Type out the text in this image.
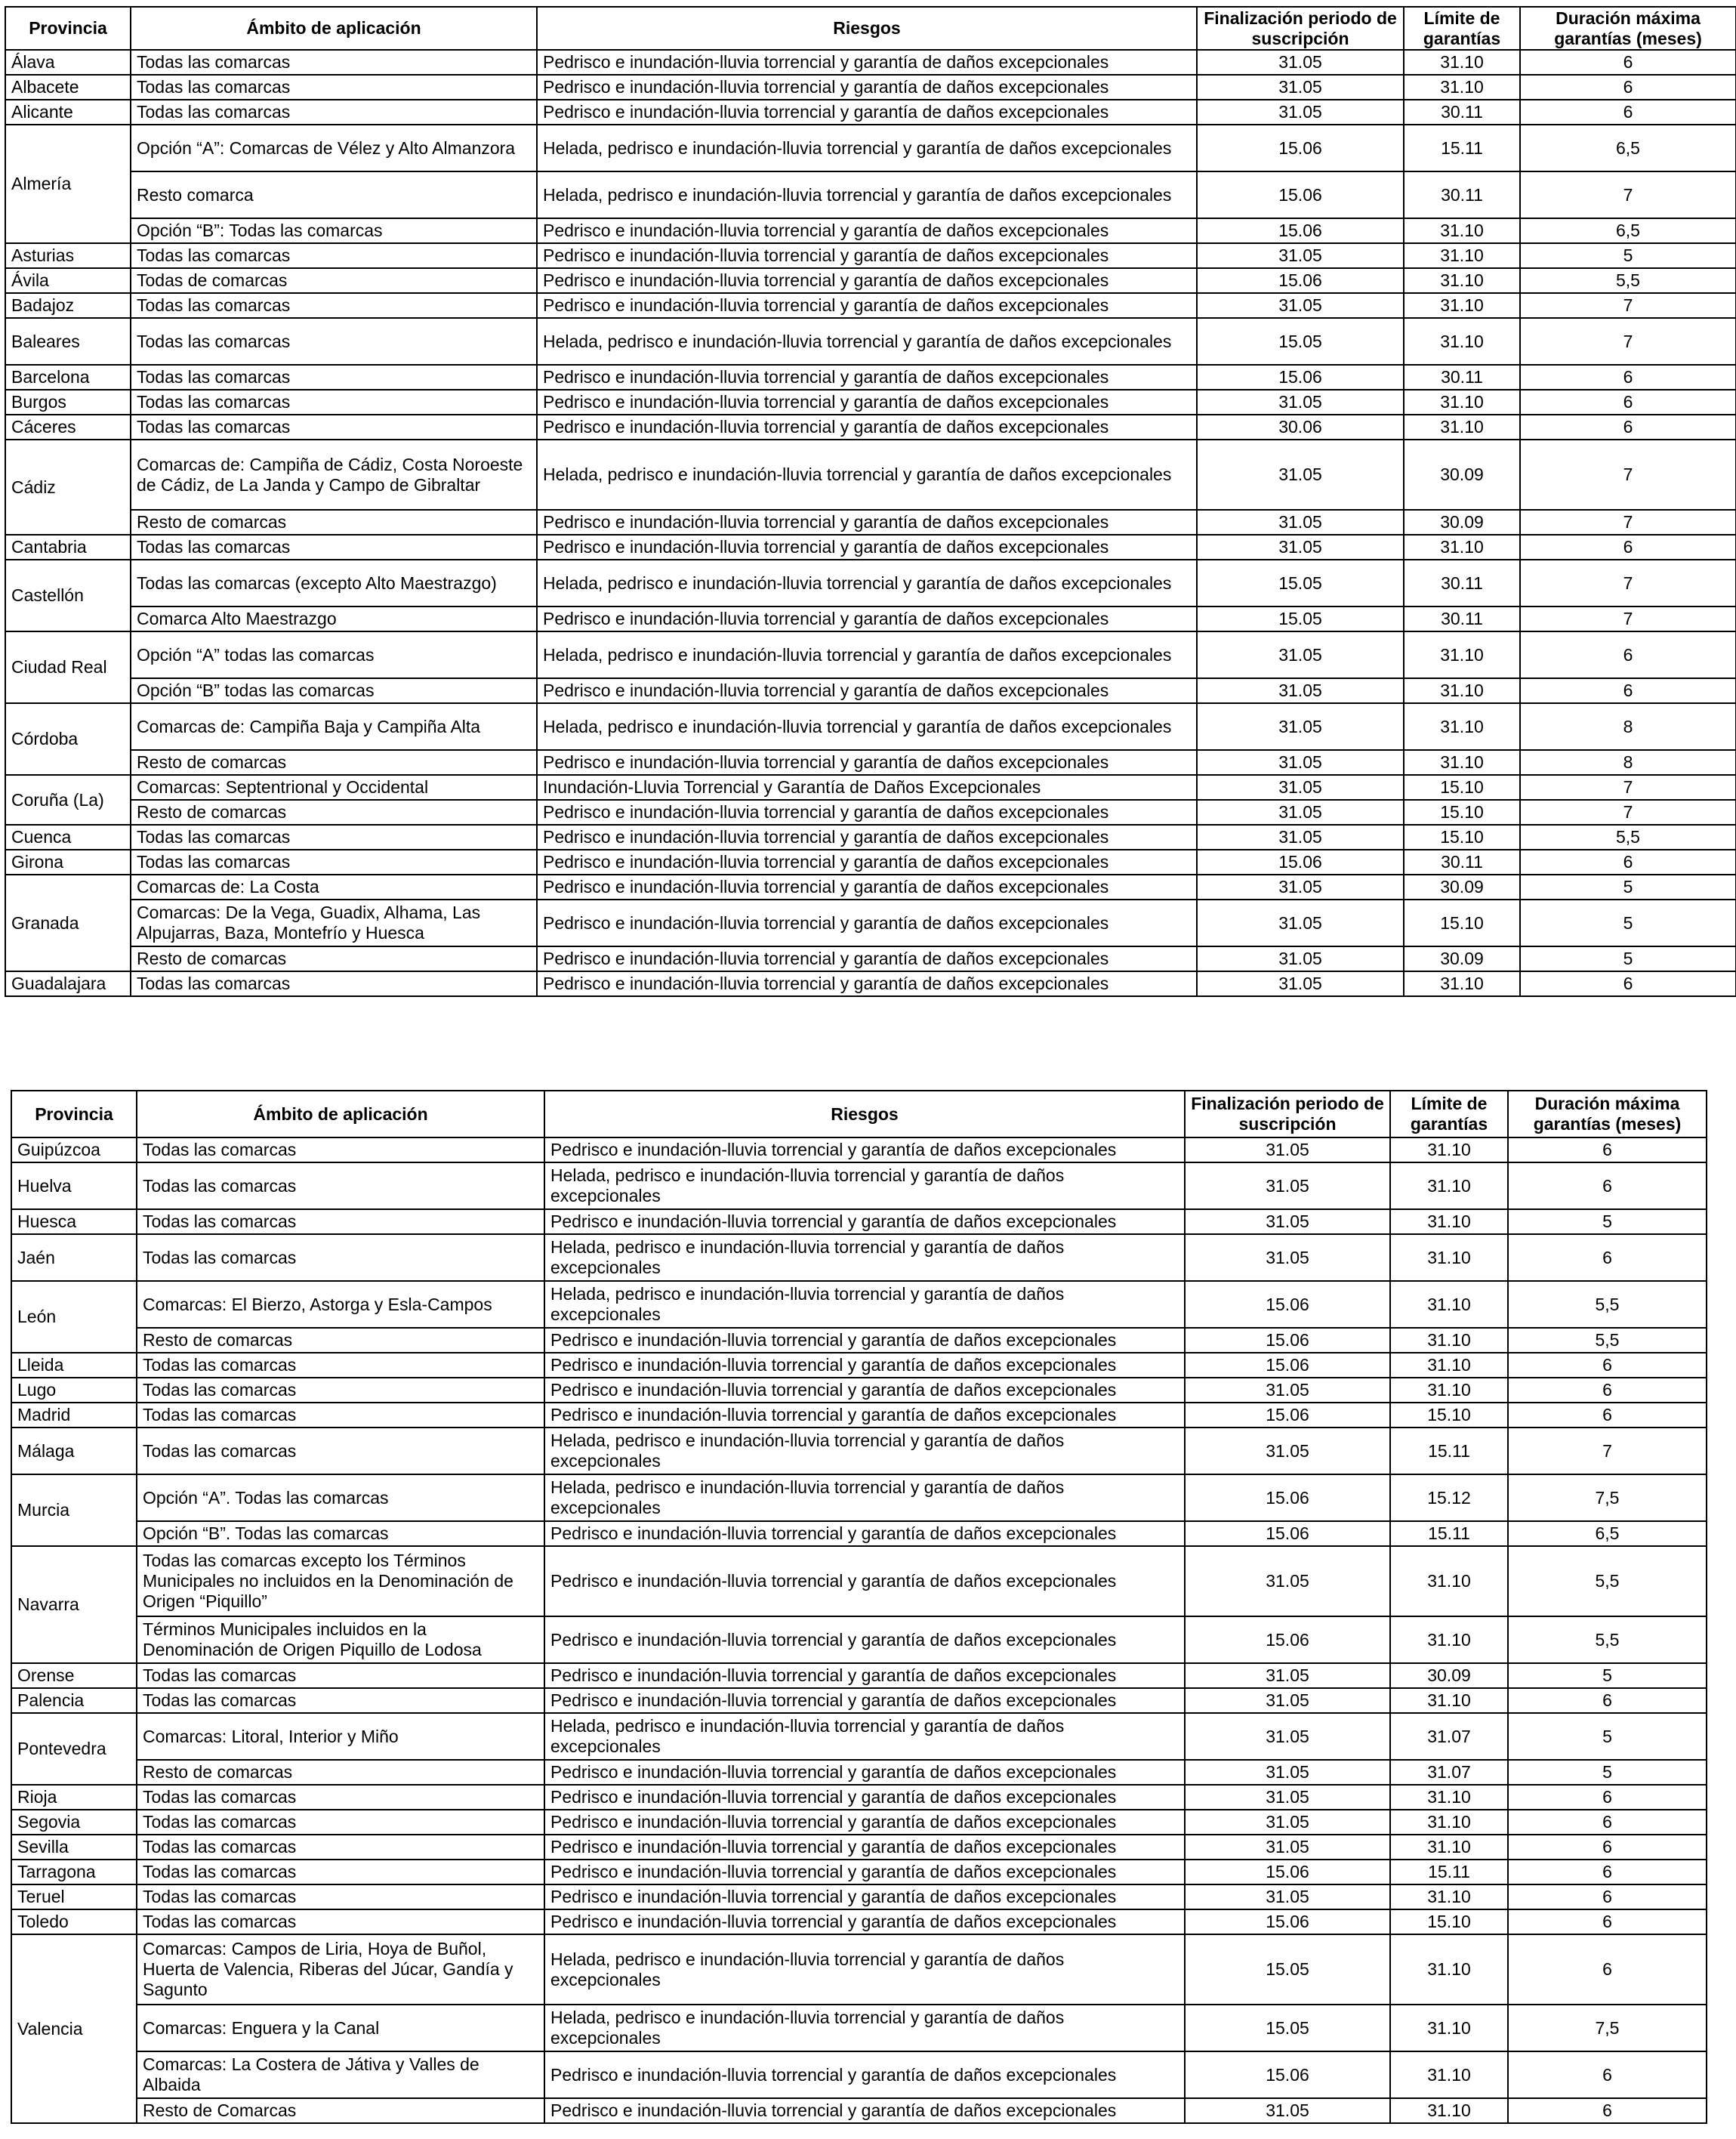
Provincia	Ámbito de aplicación	Riesgos	Finalización periodo de suscripción	Límite de garantías	Duración máxima garantías (meses)
Álava	Todas las comarcas	Pedrisco e inundación-lluvia torrencial y garantía de daños excepcionales	31.05	31.10	6
Albacete	Todas las comarcas	Pedrisco e inundación-lluvia torrencial y garantía de daños excepcionales	31.05	31.10	6
Alicante	Todas las comarcas	Pedrisco e inundación-lluvia torrencial y garantía de daños excepcionales	31.05	30.11	6
Almería	Opción “A”: Comarcas de Vélez y Alto Almanzora	Helada, pedrisco e inundación-lluvia torrencial y garantía de daños excepcionales	15.06	15.11	6,5
	Resto comarca	Helada, pedrisco e inundación-lluvia torrencial y garantía de daños excepcionales	15.06	30.11	7
	Opción “B”: Todas las comarcas	Pedrisco e inundación-lluvia torrencial y garantía de daños excepcionales	15.06	31.10	6,5
Asturias	Todas las comarcas	Pedrisco e inundación-lluvia torrencial y garantía de daños excepcionales	31.05	31.10	5
Ávila	Todas de comarcas	Pedrisco e inundación-lluvia torrencial y garantía de daños excepcionales	15.06	31.10	5,5
Badajoz	Todas las comarcas	Pedrisco e inundación-lluvia torrencial y garantía de daños excepcionales	31.05	31.10	7
Baleares	Todas las comarcas	Helada, pedrisco e inundación-lluvia torrencial y garantía de daños excepcionales	15.05	31.10	7
Barcelona	Todas las comarcas	Pedrisco e inundación-lluvia torrencial y garantía de daños excepcionales	15.06	30.11	6
Burgos	Todas las comarcas	Pedrisco e inundación-lluvia torrencial y garantía de daños excepcionales	31.05	31.10	6
Cáceres	Todas las comarcas	Pedrisco e inundación-lluvia torrencial y garantía de daños excepcionales	30.06	31.10	6
Cádiz	Comarcas de: Campiña de Cádiz, Costa Noroeste de Cádiz, de La Janda y Campo de Gibraltar	Helada, pedrisco e inundación-lluvia torrencial y garantía de daños excepcionales	31.05	30.09	7
	Resto de comarcas	Pedrisco e inundación-lluvia torrencial y garantía de daños excepcionales	31.05	30.09	7
Cantabria	Todas las comarcas	Pedrisco e inundación-lluvia torrencial y garantía de daños excepcionales	31.05	31.10	6
Castellón	Todas las comarcas (excepto Alto Maestrazgo)	Helada, pedrisco e inundación-lluvia torrencial y garantía de daños excepcionales	15.05	30.11	7
	Comarca Alto Maestrazgo	Pedrisco e inundación-lluvia torrencial y garantía de daños excepcionales	15.05	30.11	7
Ciudad Real	Opción “A” todas las comarcas	Helada, pedrisco e inundación-lluvia torrencial y garantía de daños excepcionales	31.05	31.10	6
	Opción “B” todas las comarcas	Pedrisco e inundación-lluvia torrencial y garantía de daños excepcionales	31.05	31.10	6
Córdoba	Comarcas de: Campiña Baja y Campiña Alta	Helada, pedrisco e inundación-lluvia torrencial y garantía de daños excepcionales	31.05	31.10	8
	Resto de comarcas	Pedrisco e inundación-lluvia torrencial y garantía de daños excepcionales	31.05	31.10	8
Coruña (La)	Comarcas: Septentrional y Occidental	Inundación-Lluvia Torrencial y Garantía de Daños Excepcionales	31.05	15.10	7
	Resto de comarcas	Pedrisco e inundación-lluvia torrencial y garantía de daños excepcionales	31.05	15.10	7
Cuenca	Todas las comarcas	Pedrisco e inundación-lluvia torrencial y garantía de daños excepcionales	31.05	15.10	5,5
Girona	Todas las comarcas	Pedrisco e inundación-lluvia torrencial y garantía de daños excepcionales	15.06	30.11	6
Granada	Comarcas de: La Costa	Pedrisco e inundación-lluvia torrencial y garantía de daños excepcionales	31.05	30.09	5
	Comarcas: De la Vega, Guadix, Alhama, Las Alpujarras, Baza, Montefrío y Huesca	Pedrisco e inundación-lluvia torrencial y garantía de daños excepcionales	31.05	15.10	5
	Resto de comarcas	Pedrisco e inundación-lluvia torrencial y garantía de daños excepcionales	31.05	30.09	5
Guadalajara	Todas las comarcas	Pedrisco e inundación-lluvia torrencial y garantía de daños excepcionales	31.05	31.10	6
Provincia	Ámbito de aplicación	Riesgos	Finalización periodo de suscripción	Límite de garantías	Duración máxima garantías (meses)
Guipúzcoa	Todas las comarcas	Pedrisco e inundación-lluvia torrencial y garantía de daños excepcionales	31.05	31.10	6
Huelva	Todas las comarcas	Helada, pedrisco e inundación-lluvia torrencial y garantía de daños excepcionales	31.05	31.10	6
Huesca	Todas las comarcas	Pedrisco e inundación-lluvia torrencial y garantía de daños excepcionales	31.05	31.10	5
Jaén	Todas las comarcas	Helada, pedrisco e inundación-lluvia torrencial y garantía de daños excepcionales	31.05	31.10	6
León	Comarcas: El Bierzo, Astorga y Esla-Campos	Helada, pedrisco e inundación-lluvia torrencial y garantía de daños excepcionales	15.06	31.10	5,5
	Resto de comarcas	Pedrisco e inundación-lluvia torrencial y garantía de daños excepcionales	15.06	31.10	5,5
Lleida	Todas las comarcas	Pedrisco e inundación-lluvia torrencial y garantía de daños excepcionales	15.06	31.10	6
Lugo	Todas las comarcas	Pedrisco e inundación-lluvia torrencial y garantía de daños excepcionales	31.05	31.10	6
Madrid	Todas las comarcas	Pedrisco e inundación-lluvia torrencial y garantía de daños excepcionales	15.06	15.10	6
Málaga	Todas las comarcas	Helada, pedrisco e inundación-lluvia torrencial y garantía de daños excepcionales	31.05	15.11	7
Murcia	Opción “A”. Todas las comarcas	Helada, pedrisco e inundación-lluvia torrencial y garantía de daños excepcionales	15.06	15.12	7,5
	Opción “B”. Todas las comarcas	Pedrisco e inundación-lluvia torrencial y garantía de daños excepcionales	15.06	15.11	6,5
Navarra	Todas las comarcas excepto los Términos Municipales no incluidos en la Denominación de Origen “Piquillo”	Pedrisco e inundación-lluvia torrencial y garantía de daños excepcionales	31.05	31.10	5,5
	Términos Municipales incluidos en la Denominación de Origen Piquillo de Lodosa	Pedrisco e inundación-lluvia torrencial y garantía de daños excepcionales	15.06	31.10	5,5
Orense	Todas las comarcas	Pedrisco e inundación-lluvia torrencial y garantía de daños excepcionales	31.05	30.09	5
Palencia	Todas las comarcas	Pedrisco e inundación-lluvia torrencial y garantía de daños excepcionales	31.05	31.10	6
Pontevedra	Comarcas: Litoral, Interior y Miño	Helada, pedrisco e inundación-lluvia torrencial y garantía de daños excepcionales	31.05	31.07	5
	Resto de comarcas	Pedrisco e inundación-lluvia torrencial y garantía de daños excepcionales	31.05	31.07	5
Rioja	Todas las comarcas	Pedrisco e inundación-lluvia torrencial y garantía de daños excepcionales	31.05	31.10	6
Segovia	Todas las comarcas	Pedrisco e inundación-lluvia torrencial y garantía de daños excepcionales	31.05	31.10	6
Sevilla	Todas las comarcas	Pedrisco e inundación-lluvia torrencial y garantía de daños excepcionales	31.05	31.10	6
Tarragona	Todas las comarcas	Pedrisco e inundación-lluvia torrencial y garantía de daños excepcionales	15.06	15.11	6
Teruel	Todas las comarcas	Pedrisco e inundación-lluvia torrencial y garantía de daños excepcionales	31.05	31.10	6
Toledo	Todas las comarcas	Pedrisco e inundación-lluvia torrencial y garantía de daños excepcionales	15.06	15.10	6
Valencia	Comarcas: Campos de Liria, Hoya de Buñol, Huerta de Valencia, Riberas del Júcar, Gandía y Sagunto	Helada, pedrisco e inundación-lluvia torrencial y garantía de daños excepcionales	15.05	31.10	6
	Comarcas: Enguera y la Canal	Helada, pedrisco e inundación-lluvia torrencial y garantía de daños excepcionales	15.05	31.10	7,5
	Comarcas: La Costera de Játiva y Valles de Albaida	Pedrisco e inundación-lluvia torrencial y garantía de daños excepcionales	15.06	31.10	6
	Resto de Comarcas	Pedrisco e inundación-lluvia torrencial y garantía de daños excepcionales	31.05	31.10	6
